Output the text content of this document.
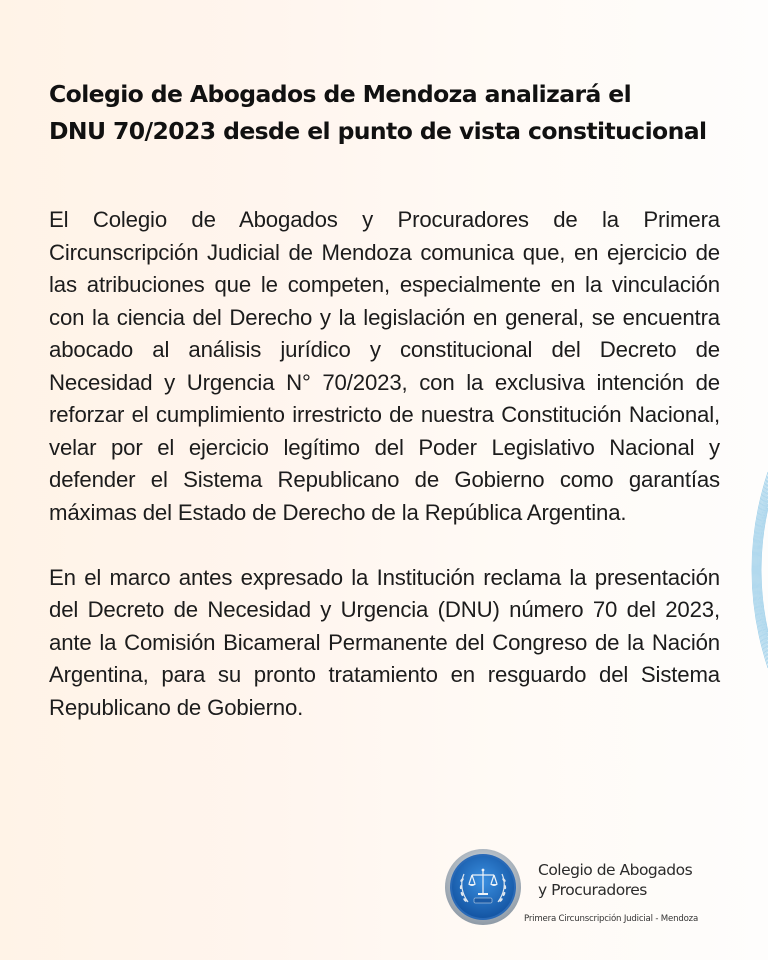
Colegio de Abogados de Mendoza analizará el
DNU 70/2023 desde el punto de vista constitucional

El Colegio de Abogados y Procuradores de la Primera Circunscripción Judicial de Mendoza comunica que, en ejercicio de las atribuciones que le competen, especialmente en la vinculación con la ciencia del Derecho y la legislación en general, se encuentra abocado al análisis jurídico y constitucional del Decreto de Necesidad y Urgencia N° 70/2023, con la exclusiva intención de reforzar el cumplimiento irrestricto de nuestra Constitución Nacional, velar por el ejercicio legítimo del Poder Legislativo Nacional y defender el Sistema Republicano de Gobierno como garantías máximas del Estado de Derecho de la República Argentina.

En el marco antes expresado la Institución reclama la presentación del Decreto de Necesidad y Urgencia (DNU) número 70 del 2023, ante la Comisión Bicameral Permanente del Congreso de la Nación Argentina, para su pronto tratamiento en resguardo del Sistema Republicano de Gobierno.

Colegio de Abogados
y Procuradores
Primera Circunscripción Judicial - Mendoza
